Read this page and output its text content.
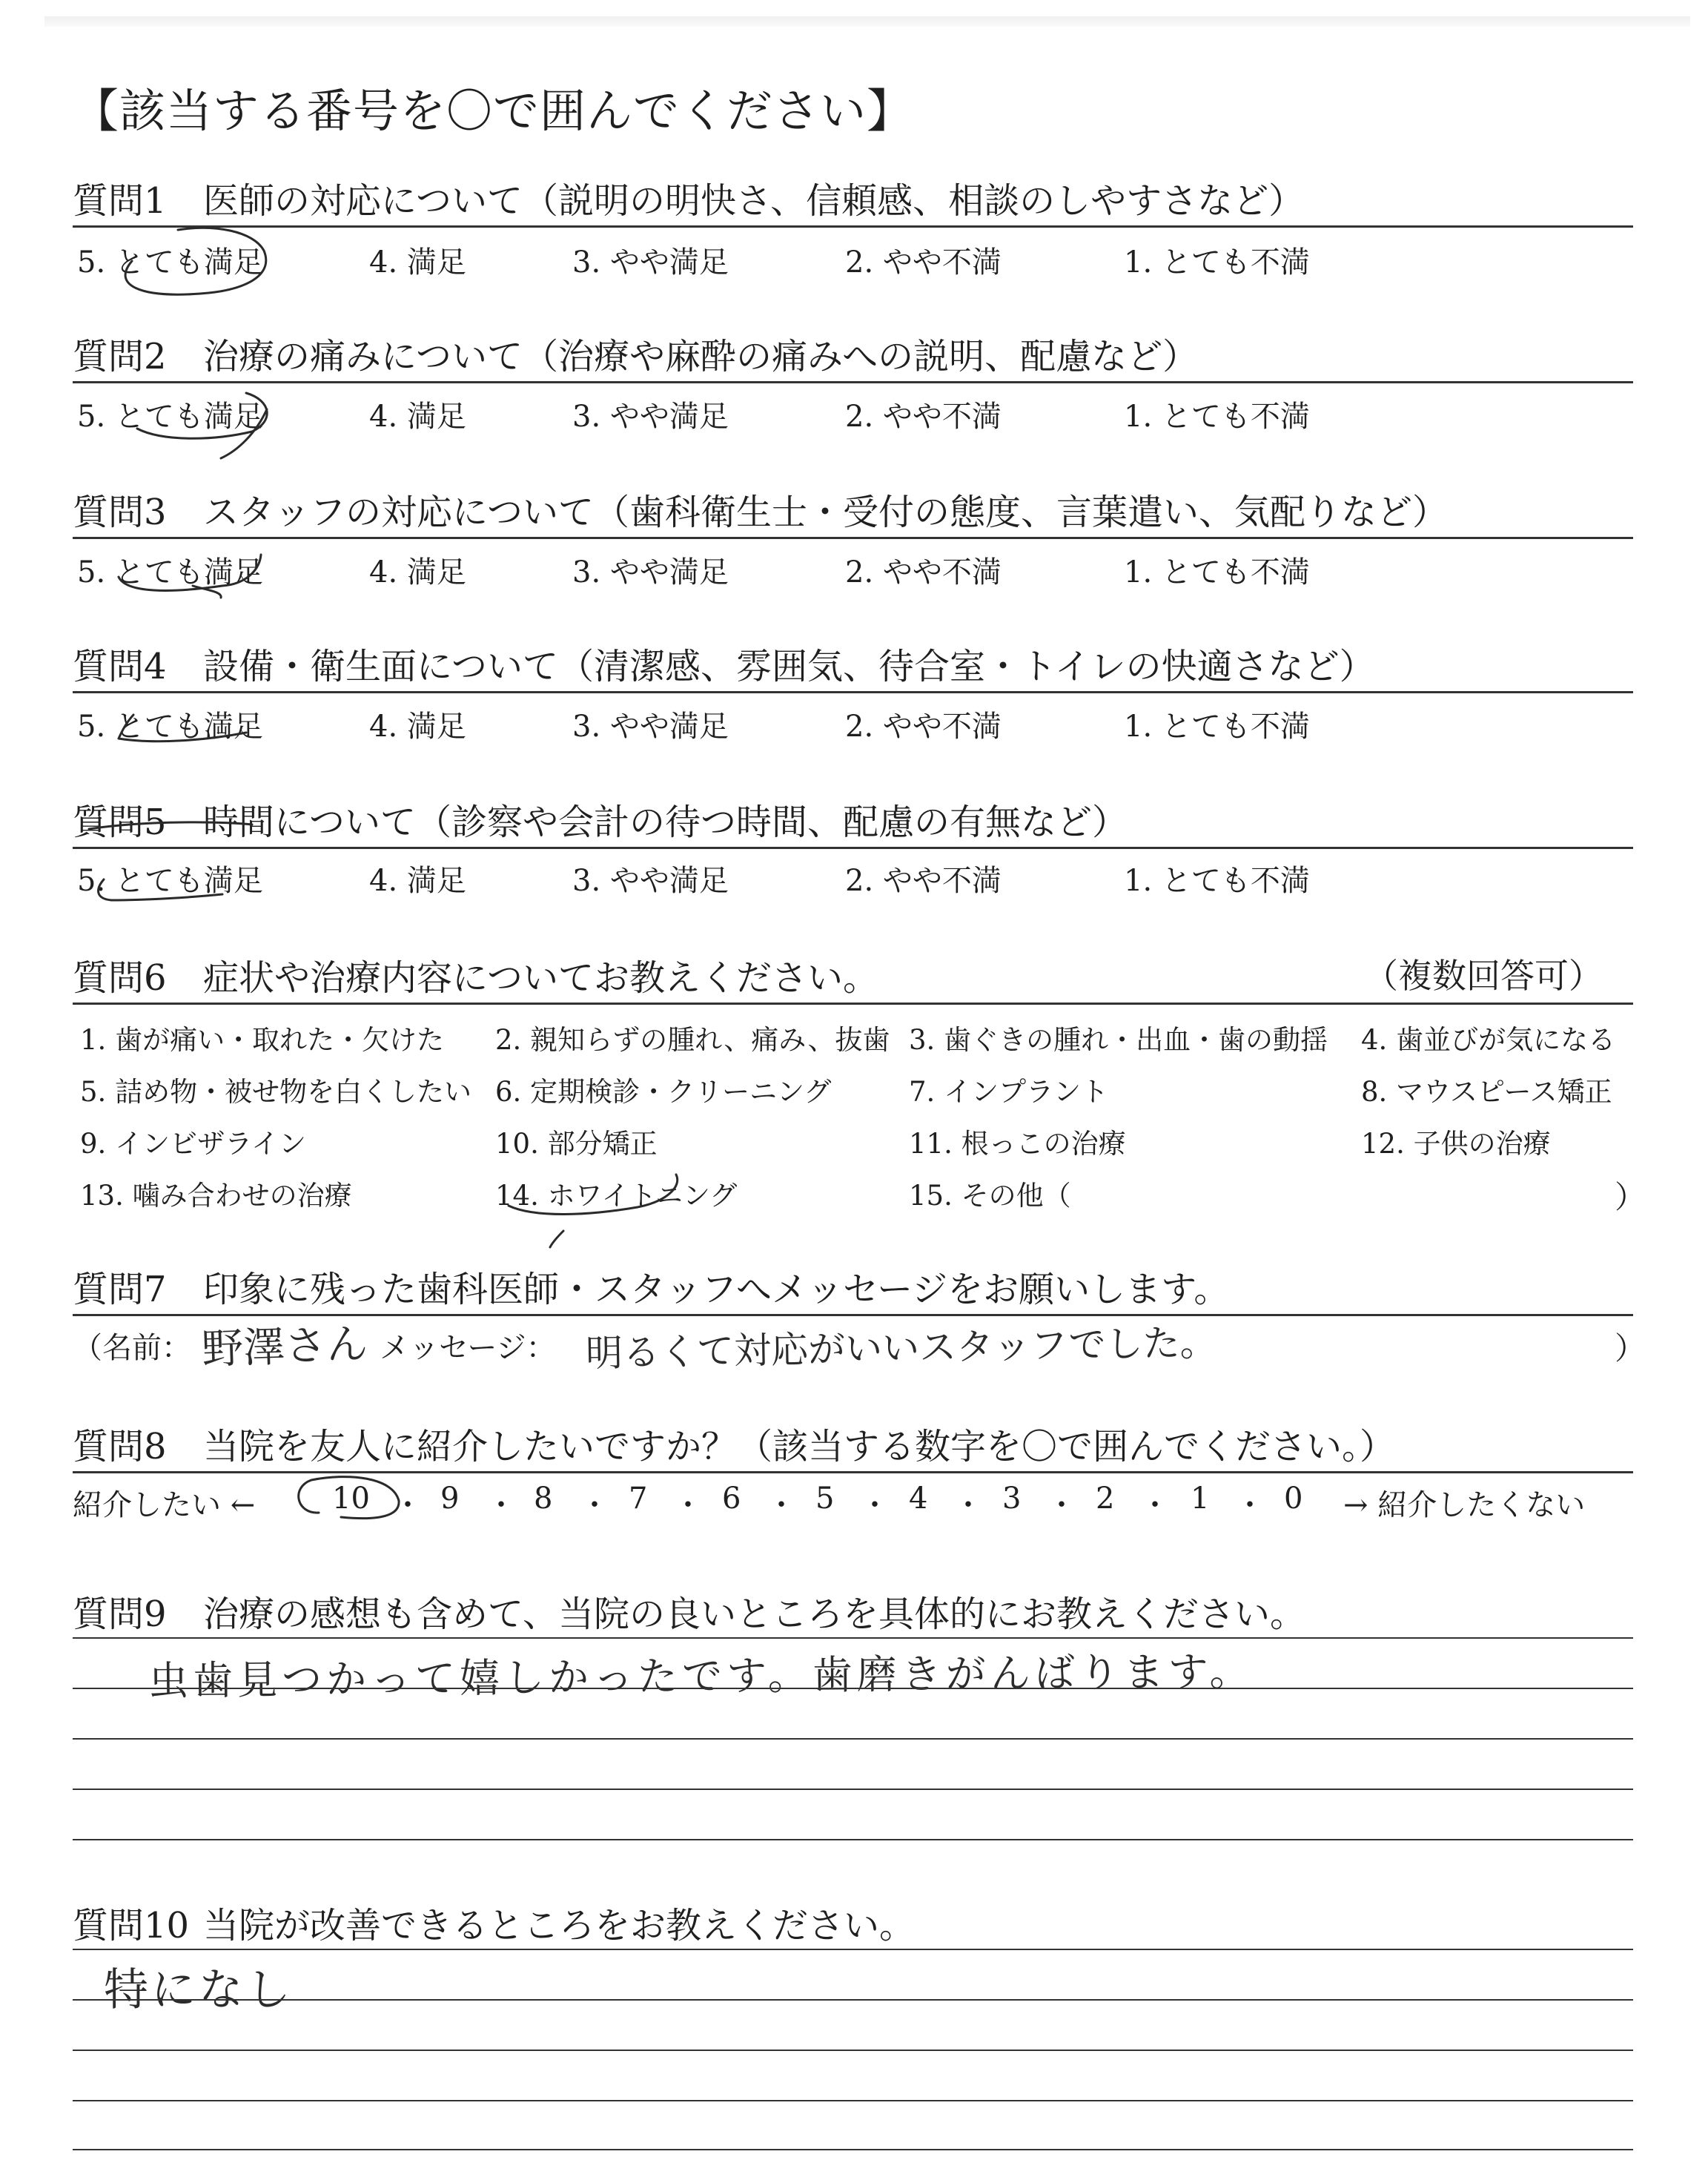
【該当する番号を〇で囲んでください】
質問1 医師の対応について（説明の明快さ、信頼感、相談のしやすさなど）
5. とても満足	4. 満足	3. やや満足	2. やや不満	1. とても不満
質問2 治療の痛みについて（治療や麻酔の痛みへの説明、配慮など）
5. とても満足	4. 満足	3. やや満足	2. やや不満	1. とても不満
質問3 スタッフの対応について（歯科衛生士・受付の態度、言葉遣い、気配りなど）
5. とても満足	4. 満足	3. やや満足	2. やや不満	1. とても不満
質問4 設備・衛生面について（清潔感、雰囲気、待合室・トイレの快適さなど）
5. とても満足	4. 満足	3. やや満足	2. やや不満	1. とても不満
質問5 時間について（診察や会計の待つ時間、配慮の有無など）
5. とても満足	4. 満足	3. やや満足	2. やや不満	1. とても不満
質問6 症状や治療内容についてお教えください。	（複数回答可）
1. 歯が痛い・取れた・欠けた 2. 親知らずの腫れ、痛み、抜歯 3. 歯ぐきの腫れ・出血・歯の動揺 4. 歯並びが気になる
5. 詰め物・被せ物を白くしたい 6. 定期検診・クリーニング	7. インプラント	8. マウスピース矯正
9. インビザライン	10. 部分矯正	11. 根っこの治療	12. 子供の治療
13. 噛み合わせの治療	14. ホワイトニング	15. その他（	）
質問7 印象に残った歯科医師・スタッフへメッセージをお願いします。
（名前： 野澤さん メッセージ： 明るくて対応がいいスタッフでした。	）
質問8 当院を友人に紹介したいですか？（該当する数字を〇で囲んでください。）
紹介したい ←	10 9	8	7	6	5	4	3	2	1	0
・ ・ ・ ・ ・ ・ ・ ・ ・ ・	→ 紹介したくない
質問9 治療の感想も含めて、当院の良いところを具体的にお教えください。
虫歯見つかって嬉しかったです。歯磨きがんばります。
質問10 当院が改善できるところをお教えください。
特になし
